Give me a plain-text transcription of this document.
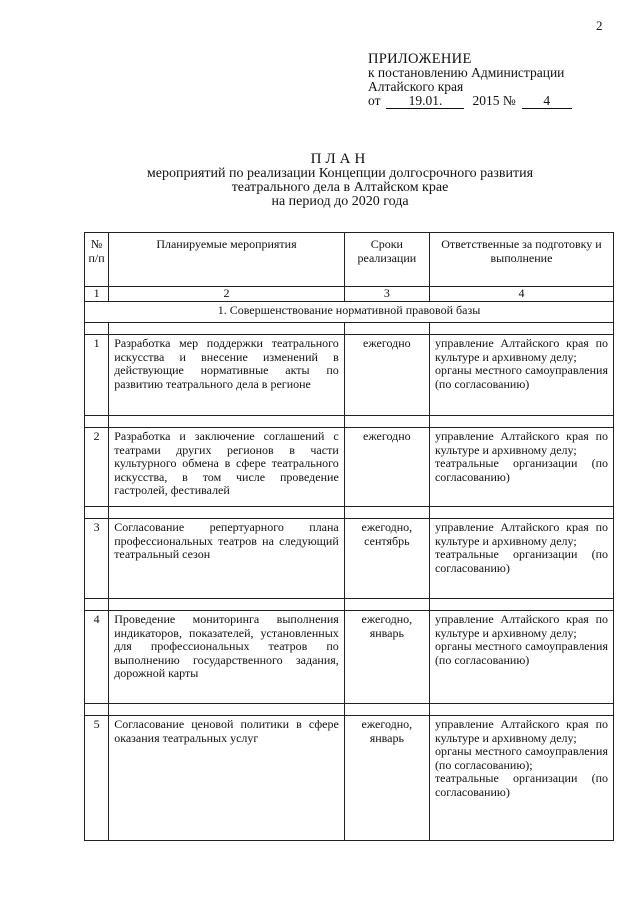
2
ПРИЛОЖЕНИЕ
к постановлению Администрации
Алтайского края
от 19.01. 2015 № 4
ПЛАН
мероприятий по реализации Концепции долгосрочного развития
театрального дела в Алтайском крае
на период до 2020 года
№ п/п	Планируемые мероприятия	Сроки реализации	Ответственные за подготовку и выполнение
1	2	3	4
1. Совершенствование нормативной правовой базы			

1	Разработка мер поддержки театрального искусства и внесение изменений в действующие нормативные акты по развитию театрального дела в регионе	ежегодно	управление Алтайского края по культуре и архивному делу;
органы местного самоуправления (по согласованию)

2	Разработка и заключение соглашений с театрами других регионов в части культурного обмена в сфере театрального искусства, в том числе проведение гастролей, фестивалей	ежегодно	управление Алтайского края по культуре и архивному делу;
театральные организации (по согласованию)

3	Согласование репертуарного плана профессиональных театров на следующий театральный сезон	ежегодно, сентябрь	управление Алтайского края по культуре и архивному делу;
театральные организации (по согласованию)

4	Проведение мониторинга выполнения индикаторов, показателей, установленных для профессиональных театров по выполнению государственного задания, дорожной карты	ежегодно, январь	управление Алтайского края по культуре и архивному делу;
органы местного самоуправления (по согласованию)

5	Согласование ценовой политики в сфере оказания театральных услуг	ежегодно, январь	управление Алтайского края по культуре и архивному делу;
органы местного самоуправления (по согласованию);
театральные организации (по согласованию)
